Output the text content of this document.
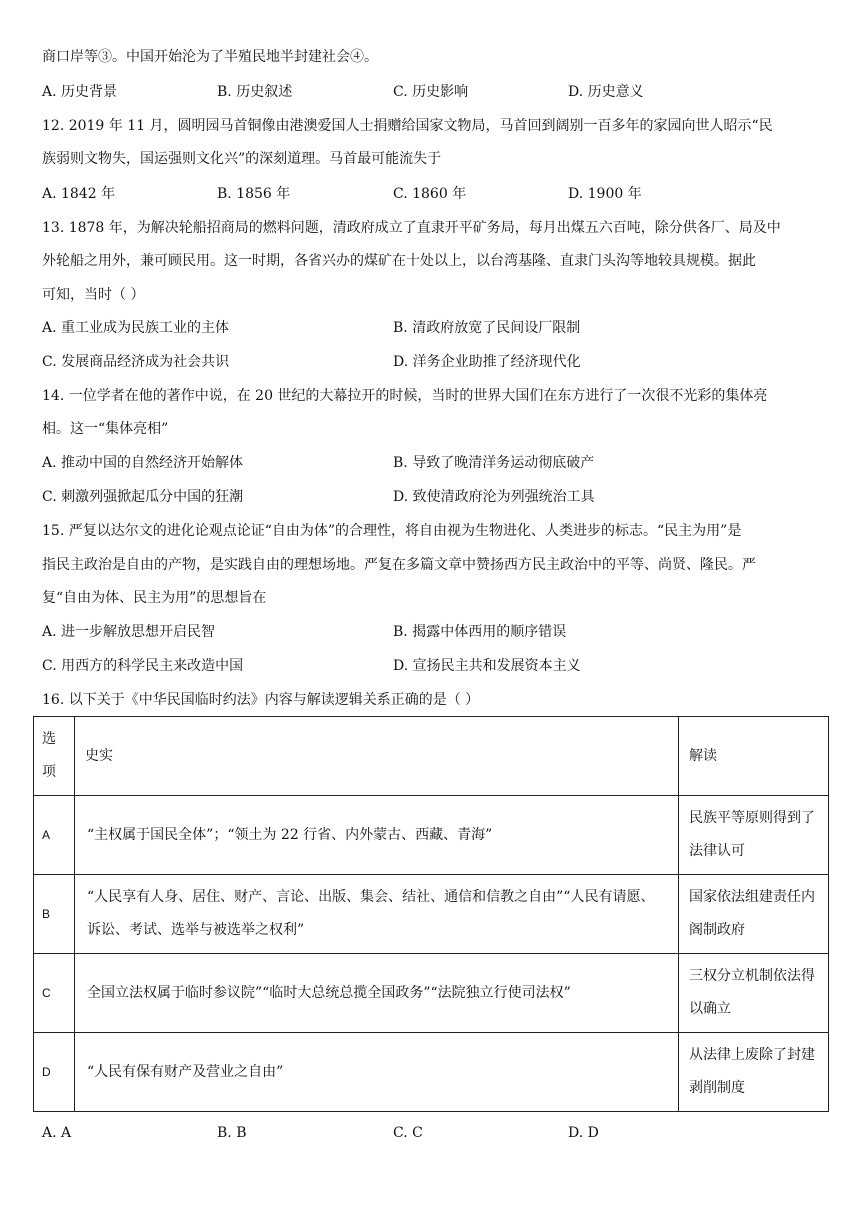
商口岸等③。中国开始沦为了半殖民地半封建社会④。
A. 历史背景	B. 历史叙述	C. 历史影响	D. 历史意义
12. 2019 年 11 月，圆明园马首铜像由港澳爱国人士捐赠给国家文物局，马首回到阔别一百多年的家园向世人昭示“民
族弱则文物失，国运强则文化兴”的深刻道理。马首最可能流失于
A. 1842 年	B. 1856 年	C. 1860 年	D. 1900 年
13. 1878 年，为解决轮船招商局的燃料问题，清政府成立了直隶开平矿务局，每月出煤五六百吨，除分供各厂、局及中
外轮船之用外，兼可顾民用。这一时期，各省兴办的煤矿在十处以上，以台湾基隆、直隶门头沟等地较具规模。据此
可知，当时（ ）
A. 重工业成为民族工业的主体	B. 清政府放宽了民间设厂限制
C. 发展商品经济成为社会共识	D. 洋务企业助推了经济现代化
14. 一位学者在他的著作中说，在 20 世纪的大幕拉开的时候，当时的世界大国们在东方进行了一次很不光彩的集体亮
相。这一“集体亮相”
A. 推动中国的自然经济开始解体	B. 导致了晚清洋务运动彻底破产
C. 刺激列强掀起瓜分中国的狂潮	D. 致使清政府沦为列强统治工具
15. 严复以达尔文的进化论观点论证“自由为体”的合理性，将自由视为生物进化、人类进步的标志。“民主为用”是
指民主政治是自由的产物，是实践自由的理想场地。严复在多篇文章中赞扬西方民主政治中的平等、尚贤、隆民。严
复“自由为体、民主为用”的思想旨在
A. 进一步解放思想开启民智	B. 揭露中体西用的顺序错误
C. 用西方的科学民主来改造中国	D. 宣扬民主共和发展资本主义
16. 以下关于《中华民国临时约法》内容与解读逻辑关系正确的是（ ）
选项	史实	解读
A	“主权属于国民全体”；“领土为 22 行省、内外蒙古、西藏、青海”	民族平等原则得到了法律认可
B	“人民享有人身、居住、财产、言论、出版、集会、结社、通信和信教之自由”“人民有请愿、诉讼、考试、选举与被选举之权利”	国家依法组建责任内阁制政府
C	全国立法权属于临时参议院”“临时大总统总揽全国政务”“法院独立行使司法权”	三权分立机制依法得以确立
D	“人民有保有财产及营业之自由”	从法律上废除了封建剥削制度
A. A	B. B	C. C	D. D
